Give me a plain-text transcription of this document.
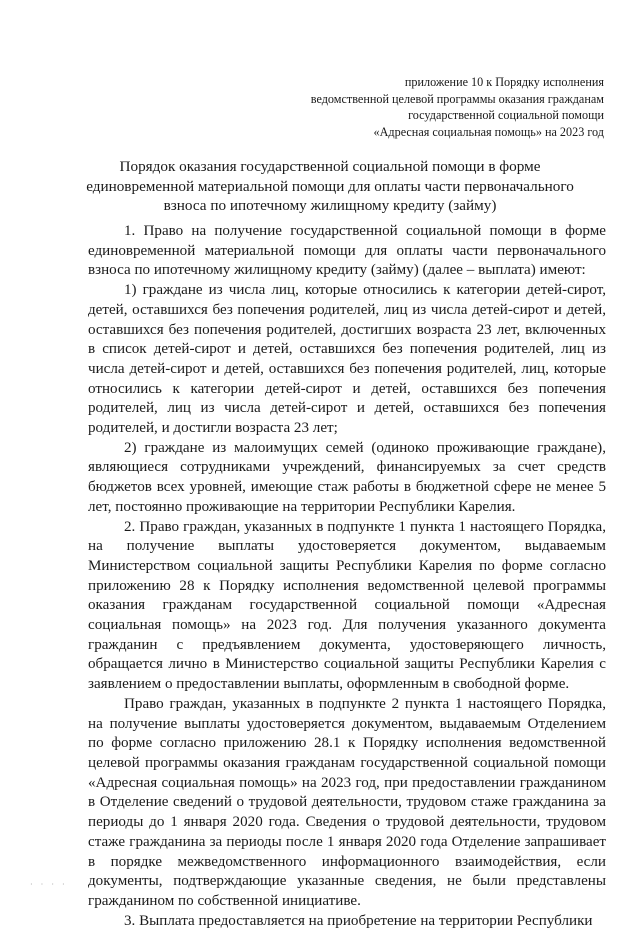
приложение 10 к Порядку исполнения
ведомственной целевой программы оказания гражданам
государственной социальной помощи
«Адресная социальная помощь» на 2023 год
Порядок оказания государственной социальной помощи в форме
единовременной материальной помощи для оплаты части первоначального
взноса по ипотечному жилищному кредиту (займу)

1. Право на получение государственной социальной помощи в форме единовременной материальной помощи для оплаты части первоначального взноса по ипотечному жилищному кредиту (займу) (далее – выплата) имеют:

1) граждане из числа лиц, которые относились к категории детей-сирот, детей, оставшихся без попечения родителей, лиц из числа детей-сирот и детей, оставшихся без попечения родителей, достигших возраста 23 лет, включенных в список детей-сирот и детей, оставшихся без попечения родителей, лиц из числа детей-сирот и детей, оставшихся без попечения родителей, лиц, которые относились к категории детей-сирот и детей, оставшихся без попечения родителей, лиц из числа детей-сирот и детей, оставшихся без попечения родителей, и достигли возраста 23 лет;

2) граждане из малоимущих семей (одиноко проживающие граждане), являющиеся сотрудниками учреждений, финансируемых за счет средств бюджетов всех уровней, имеющие стаж работы в бюджетной сфере не менее 5 лет, постоянно проживающие на территории Республики Карелия.

2. Право граждан, указанных в подпункте 1 пункта 1 настоящего Порядка, на получение выплаты удостоверяется документом, выдаваемым Министерством социальной защиты Республики Карелия по форме согласно приложению 28 к Порядку исполнения ведомственной целевой программы оказания гражданам государственной социальной помощи «Адресная социальная помощь» на 2023 год. Для получения указанного документа гражданин с предъявлением документа, удостоверяющего личность, обращается лично в Министерство социальной защиты Республики Карелия с заявлением о предоставлении выплаты, оформленным в свободной форме.

Право граждан, указанных в подпункте 2 пункта 1 настоящего Порядка, на получение выплаты удостоверяется документом, выдаваемым Отделением по форме согласно приложению 28.1 к Порядку исполнения ведомственной целевой программы оказания гражданам государственной социальной помощи «Адресная социальная помощь» на 2023 год, при предоставлении гражданином в Отделение сведений о трудовой деятельности, трудовом стаже гражданина за периоды до 1 января 2020 года. Сведения о трудовой деятельности, трудовом стаже гражданина за периоды после 1 января 2020 года Отделение запрашивает в порядке межведомственного информационного взаимодействия, если документы, подтверждающие указанные сведения, не были представлены гражданином по собственной инициативе.

3. Выплата предоставляется на приобретение на территории Республики

· · · ·
